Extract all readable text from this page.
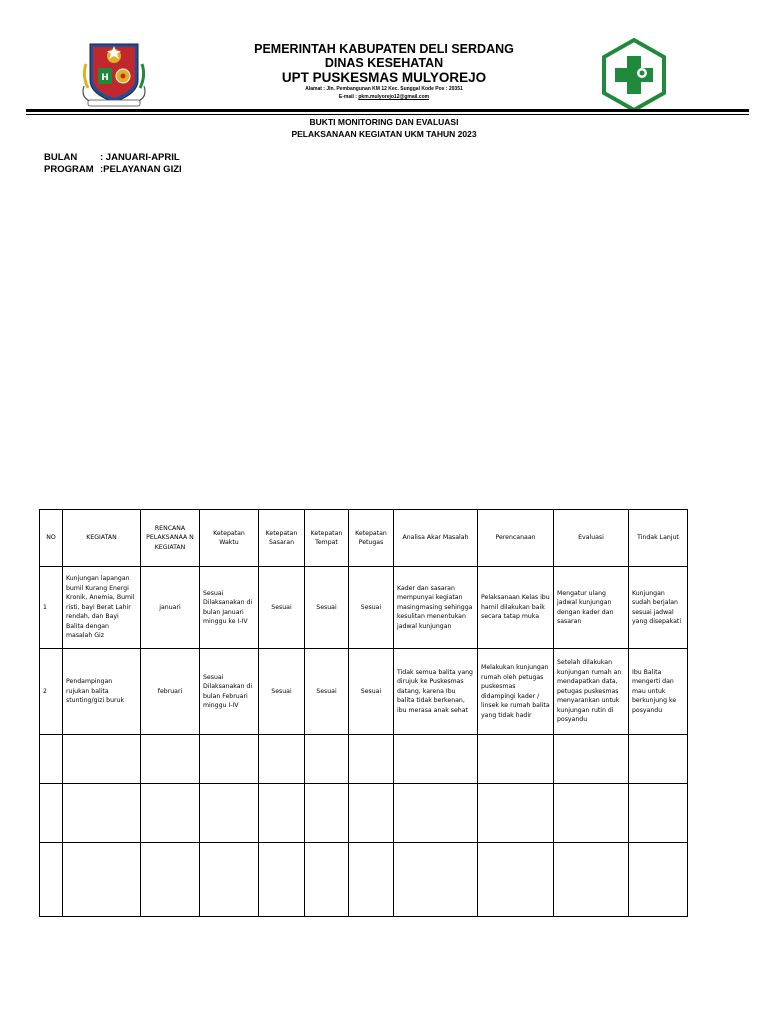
H
PEMERINTAH KABUPATEN DELI SERDANG
DINAS KESEHATAN
UPT PUSKESMAS MULYOREJO
Alamat : Jln. Pembangunan KM 12 Kec. Sunggal Kode Pos : 20351
E-mail : pkm.mulyorejo12@gmail.com
BUKTI MONITORING DAN EVALUASI
PELAKSANAAN KEGIATAN UKM TAHUN 2023
BULAN : JANUARI-APRIL
PROGRAM :PELAYANAN GIZI
NO	KEGIATAN	RENCANA PELAKSANAA N KEGIATAN	Ketepatan Waktu	Ketepatan Sasaran	Ketepatan Tempat	Ketepatan Petugas	Analisa Akar Masalah	Perencanaan	Evaluasi	Tindak Lanjut
1	Kunjungan lapangan bumil Kurang Energi Kronik, Anemia, Bumil risti, bayi Berat Lahir rendah, dan Bayi Balita dengan masalah Giz	januari	Sesuai Dilaksanakan di bulan Januari minggu ke I-IV	Sesuai	Sesuai	Sesuai	Kader dan sasaran mempunyai kegiatan masingmasing sehingga kesulitan menentukan jadwal kunjungan	Pelaksanaan Kelas ibu hamil dilakukan baik secara tatap muka	Mengatur ulang jadwal kunjungan dengan kader dan sasaran	Kunjungan sudah berjalan sesuai jadwal yang disepakati
2	Pendampingan rujukan balita stunting/gizi buruk	februari	Sesuai Dilaksanakan di bulan Februari minggu I-IV	Sesuai	Sesuai	Sesuai	Tidak semua balita yang dirujuk ke Puskesmas datang, karena Ibu balita tidak berkenan, ibu merasa anak sehat	Melakukan kunjungan rumah oleh petugas puskesmas didampingi kader / linsek ke rumah balita yang tidak hadir	Setelah dilakukan kunjungan rumah an mendapatkan data, petugas puskesmas menyarankan untuk kunjungan rutin di posyandu	Ibu Balita mengerti dan mau untuk berkunjung ke posyandu
